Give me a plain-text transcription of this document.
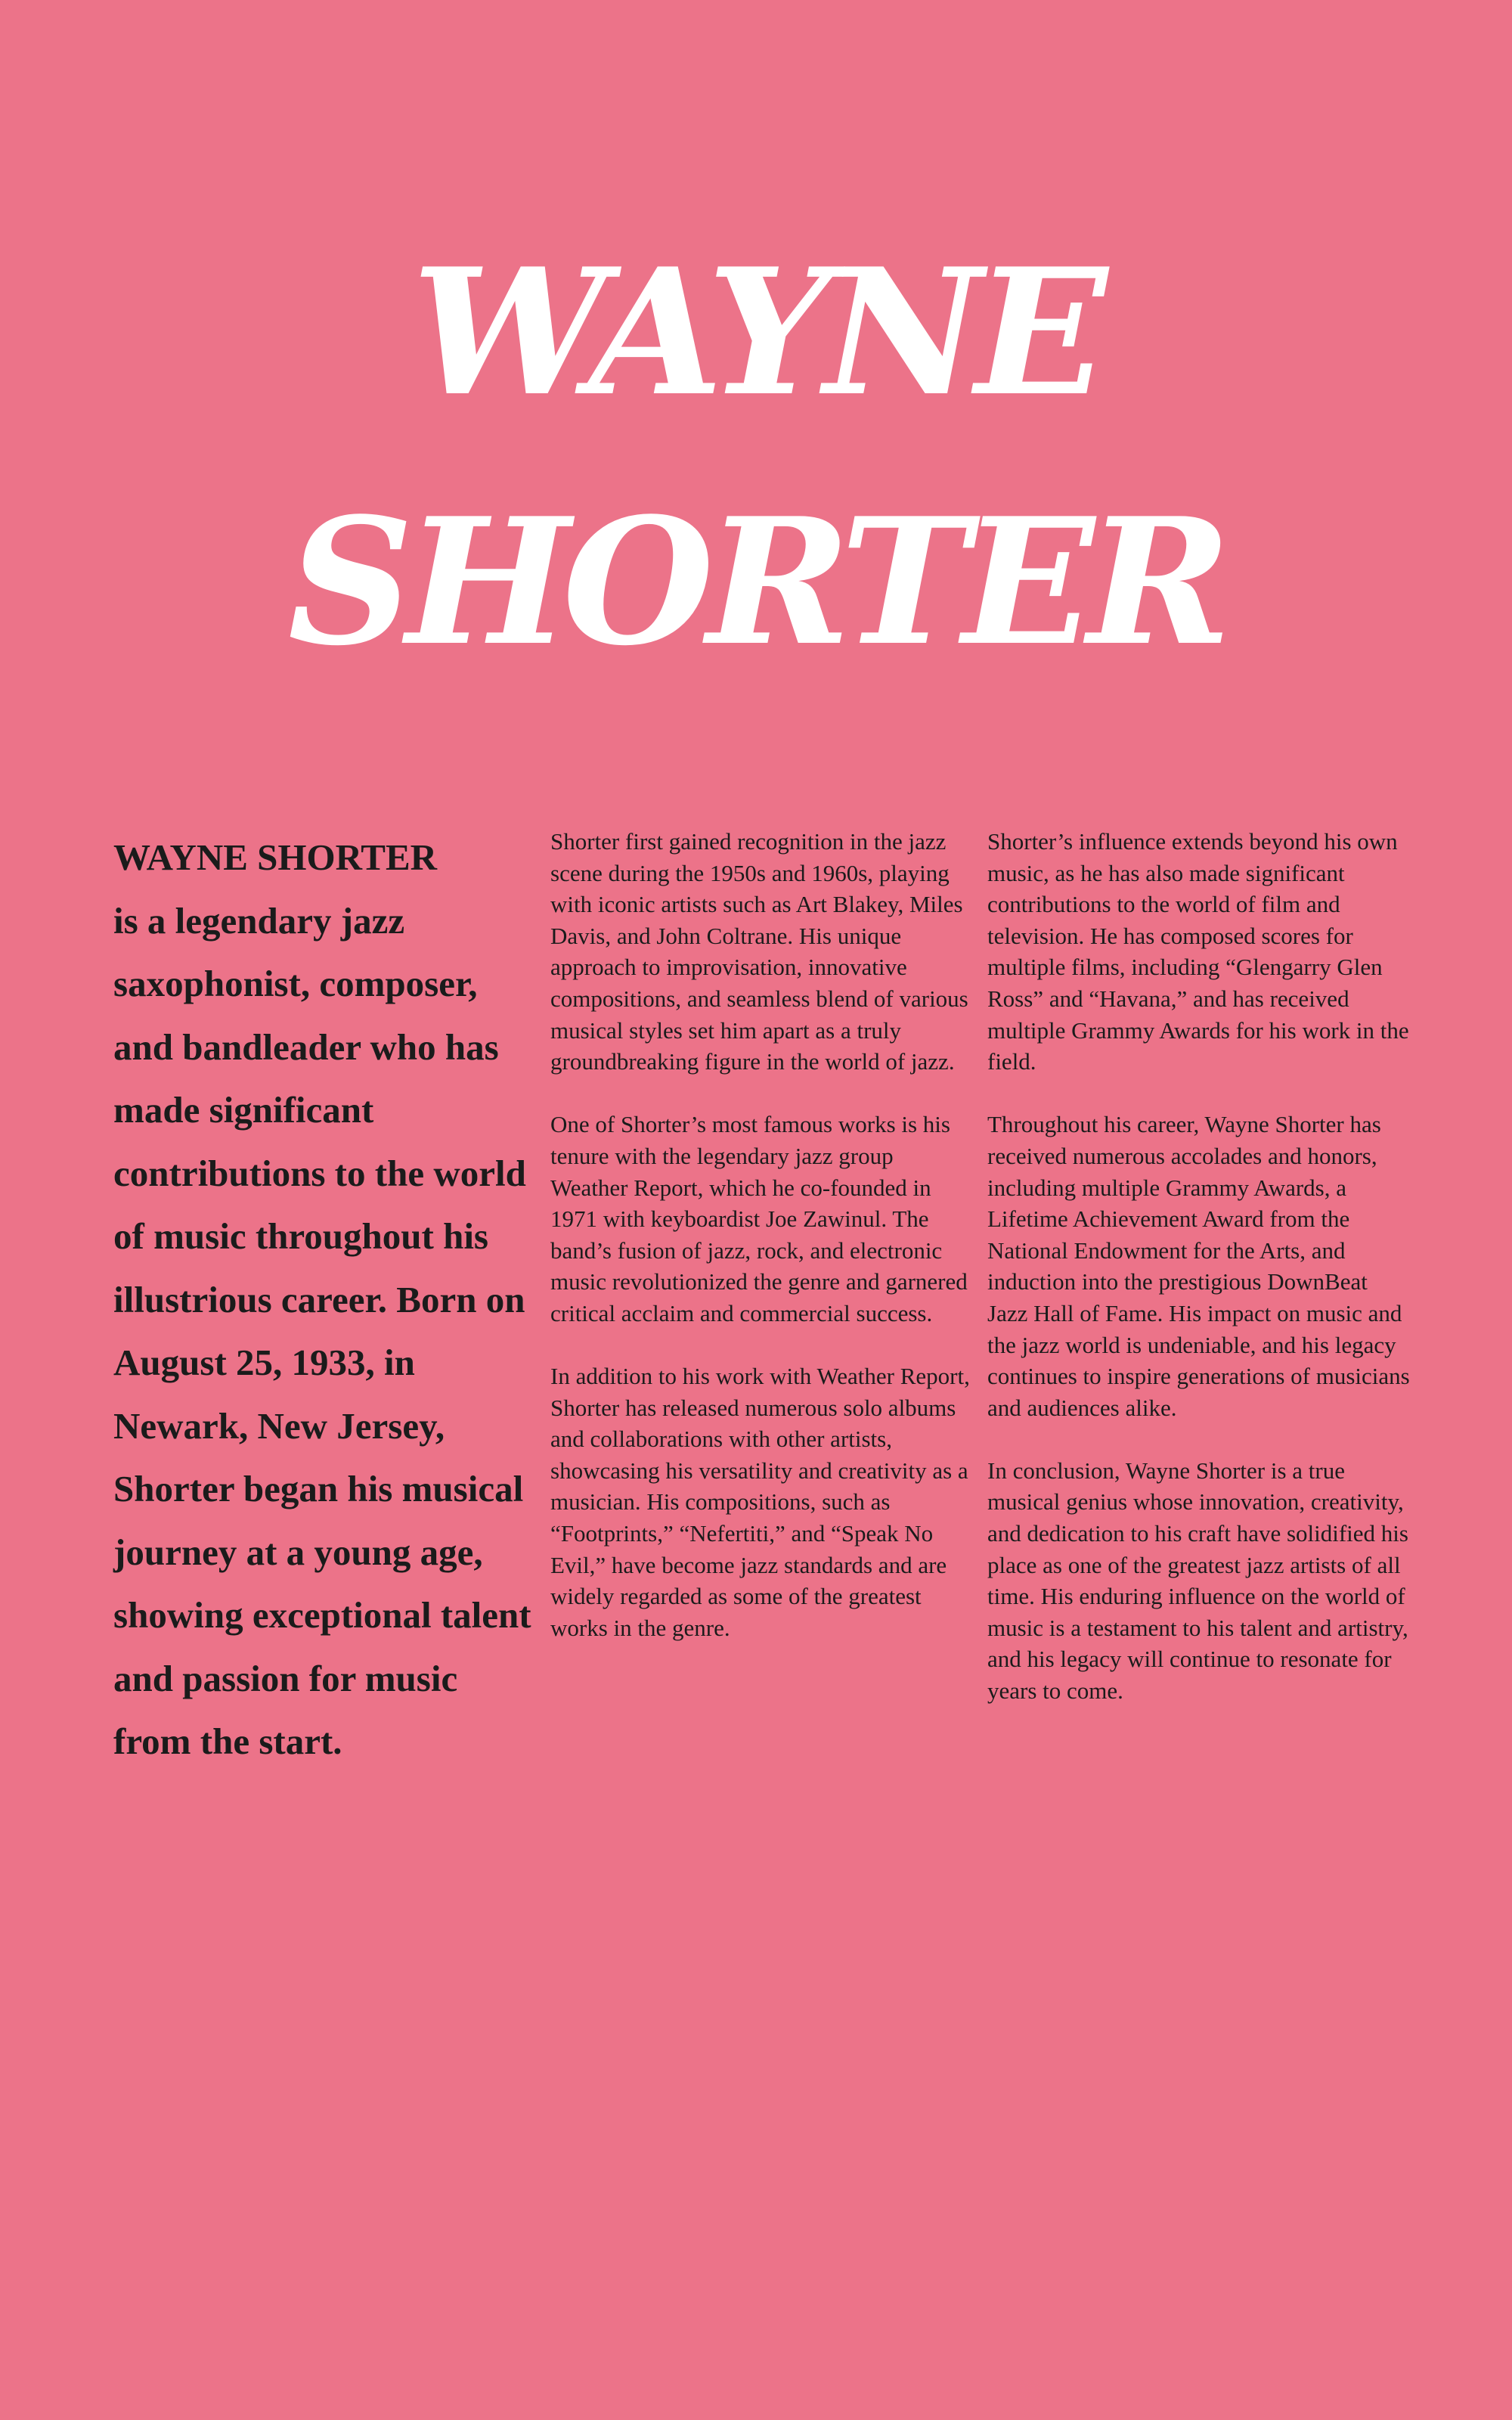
WAYNE
SHORTER
WAYNE SHORTER
is a legendary jazz saxophonist, composer, and bandleader who has made significant contributions to the world of music throughout his illustrious career. Born on August 25, 1933, in Newark, New Jersey, Shorter began his musical journey at a young age, showing exceptional talent and passion for music from the start.

Shorter first gained recognition in the jazz scene during the 1950s and 1960s, playing with iconic artists such as Art Blakey, Miles Davis, and John Coltrane. His unique approach to improvisation, innovative compositions, and seamless blend of various musical styles set him apart as a truly groundbreaking figure in the world of jazz.

One of Shorter’s most famous works is his tenure with the legendary jazz group Weather Report, which he co-founded in 1971 with keyboardist Joe Zawinul. The band’s fusion of jazz, rock, and electronic music revolutionized the genre and garnered critical acclaim and commercial success.

In addition to his work with Weather Report, Shorter has released numerous solo albums and collaborations with other artists, showcasing his versatility and creativity as a musician. His compositions, such as “Footprints,” “Nefertiti,” and “Speak No Evil,” have become jazz standards and are widely regarded as some of the greatest works in the genre.

Shorter’s influence extends beyond his own music, as he has also made significant contributions to the world of film and television. He has composed scores for multiple films, including “Glengarry Glen Ross” and “Havana,” and has received multiple Grammy Awards for his work in the field.

Throughout his career, Wayne Shorter has received numerous accolades and honors, including multiple Grammy Awards, a Lifetime Achievement Award from the National Endowment for the Arts, and induction into the prestigious DownBeat Jazz Hall of Fame. His impact on music and the jazz world is undeniable, and his legacy continues to inspire generations of musicians and audiences alike.

In conclusion, Wayne Shorter is a true musical genius whose innovation, creativity, and dedication to his craft have solidified his place as one of the greatest jazz artists of all time. His enduring influence on the world of music is a testament to his talent and artistry, and his legacy will continue to resonate for years to come.
